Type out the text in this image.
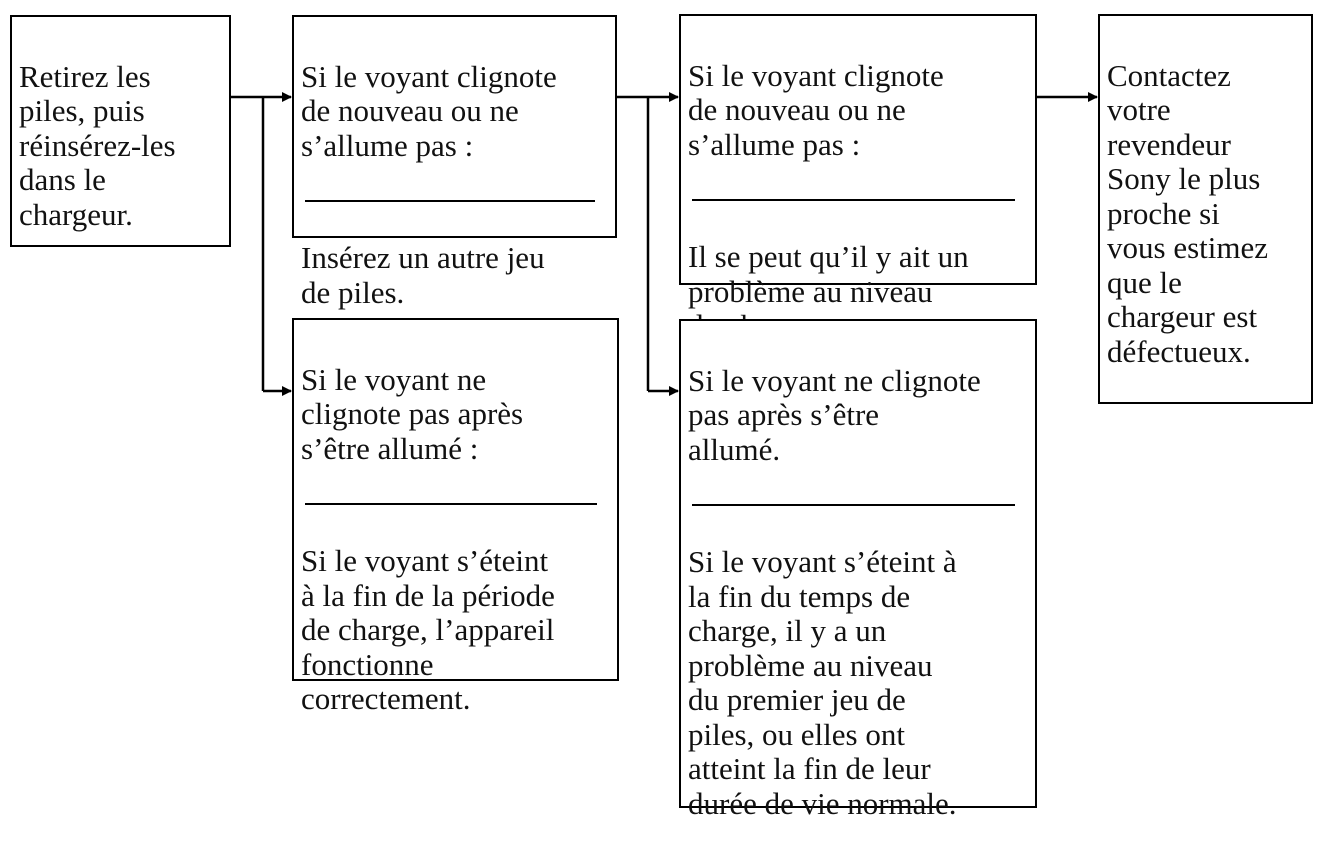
Retirez les
piles, puis
réinsérez-les
dans le
chargeur.

Si le voyant clignote
de nouveau ou ne
s’allume pas :

Insérez un autre jeu
de piles.

Si le voyant ne
clignote pas après
s’être allumé :

Si le voyant s’éteint
à la fin de la période
de charge, l’appareil
fonctionne
correctement.

Si le voyant clignote
de nouveau ou ne
s’allume pas :

Il se peut qu’il y ait un
problème au niveau

Si le voyant ne clignote
pas après s’être
allumé.

Si le voyant s’éteint à
la fin du temps de
charge, il y a un
problème au niveau
du premier jeu de
piles, ou elles ont
atteint la fin de leur
durée de vie normale.

Contactez
votre
revendeur
Sony le plus
proche si
vous estimez
que le
chargeur est
défectueux.
